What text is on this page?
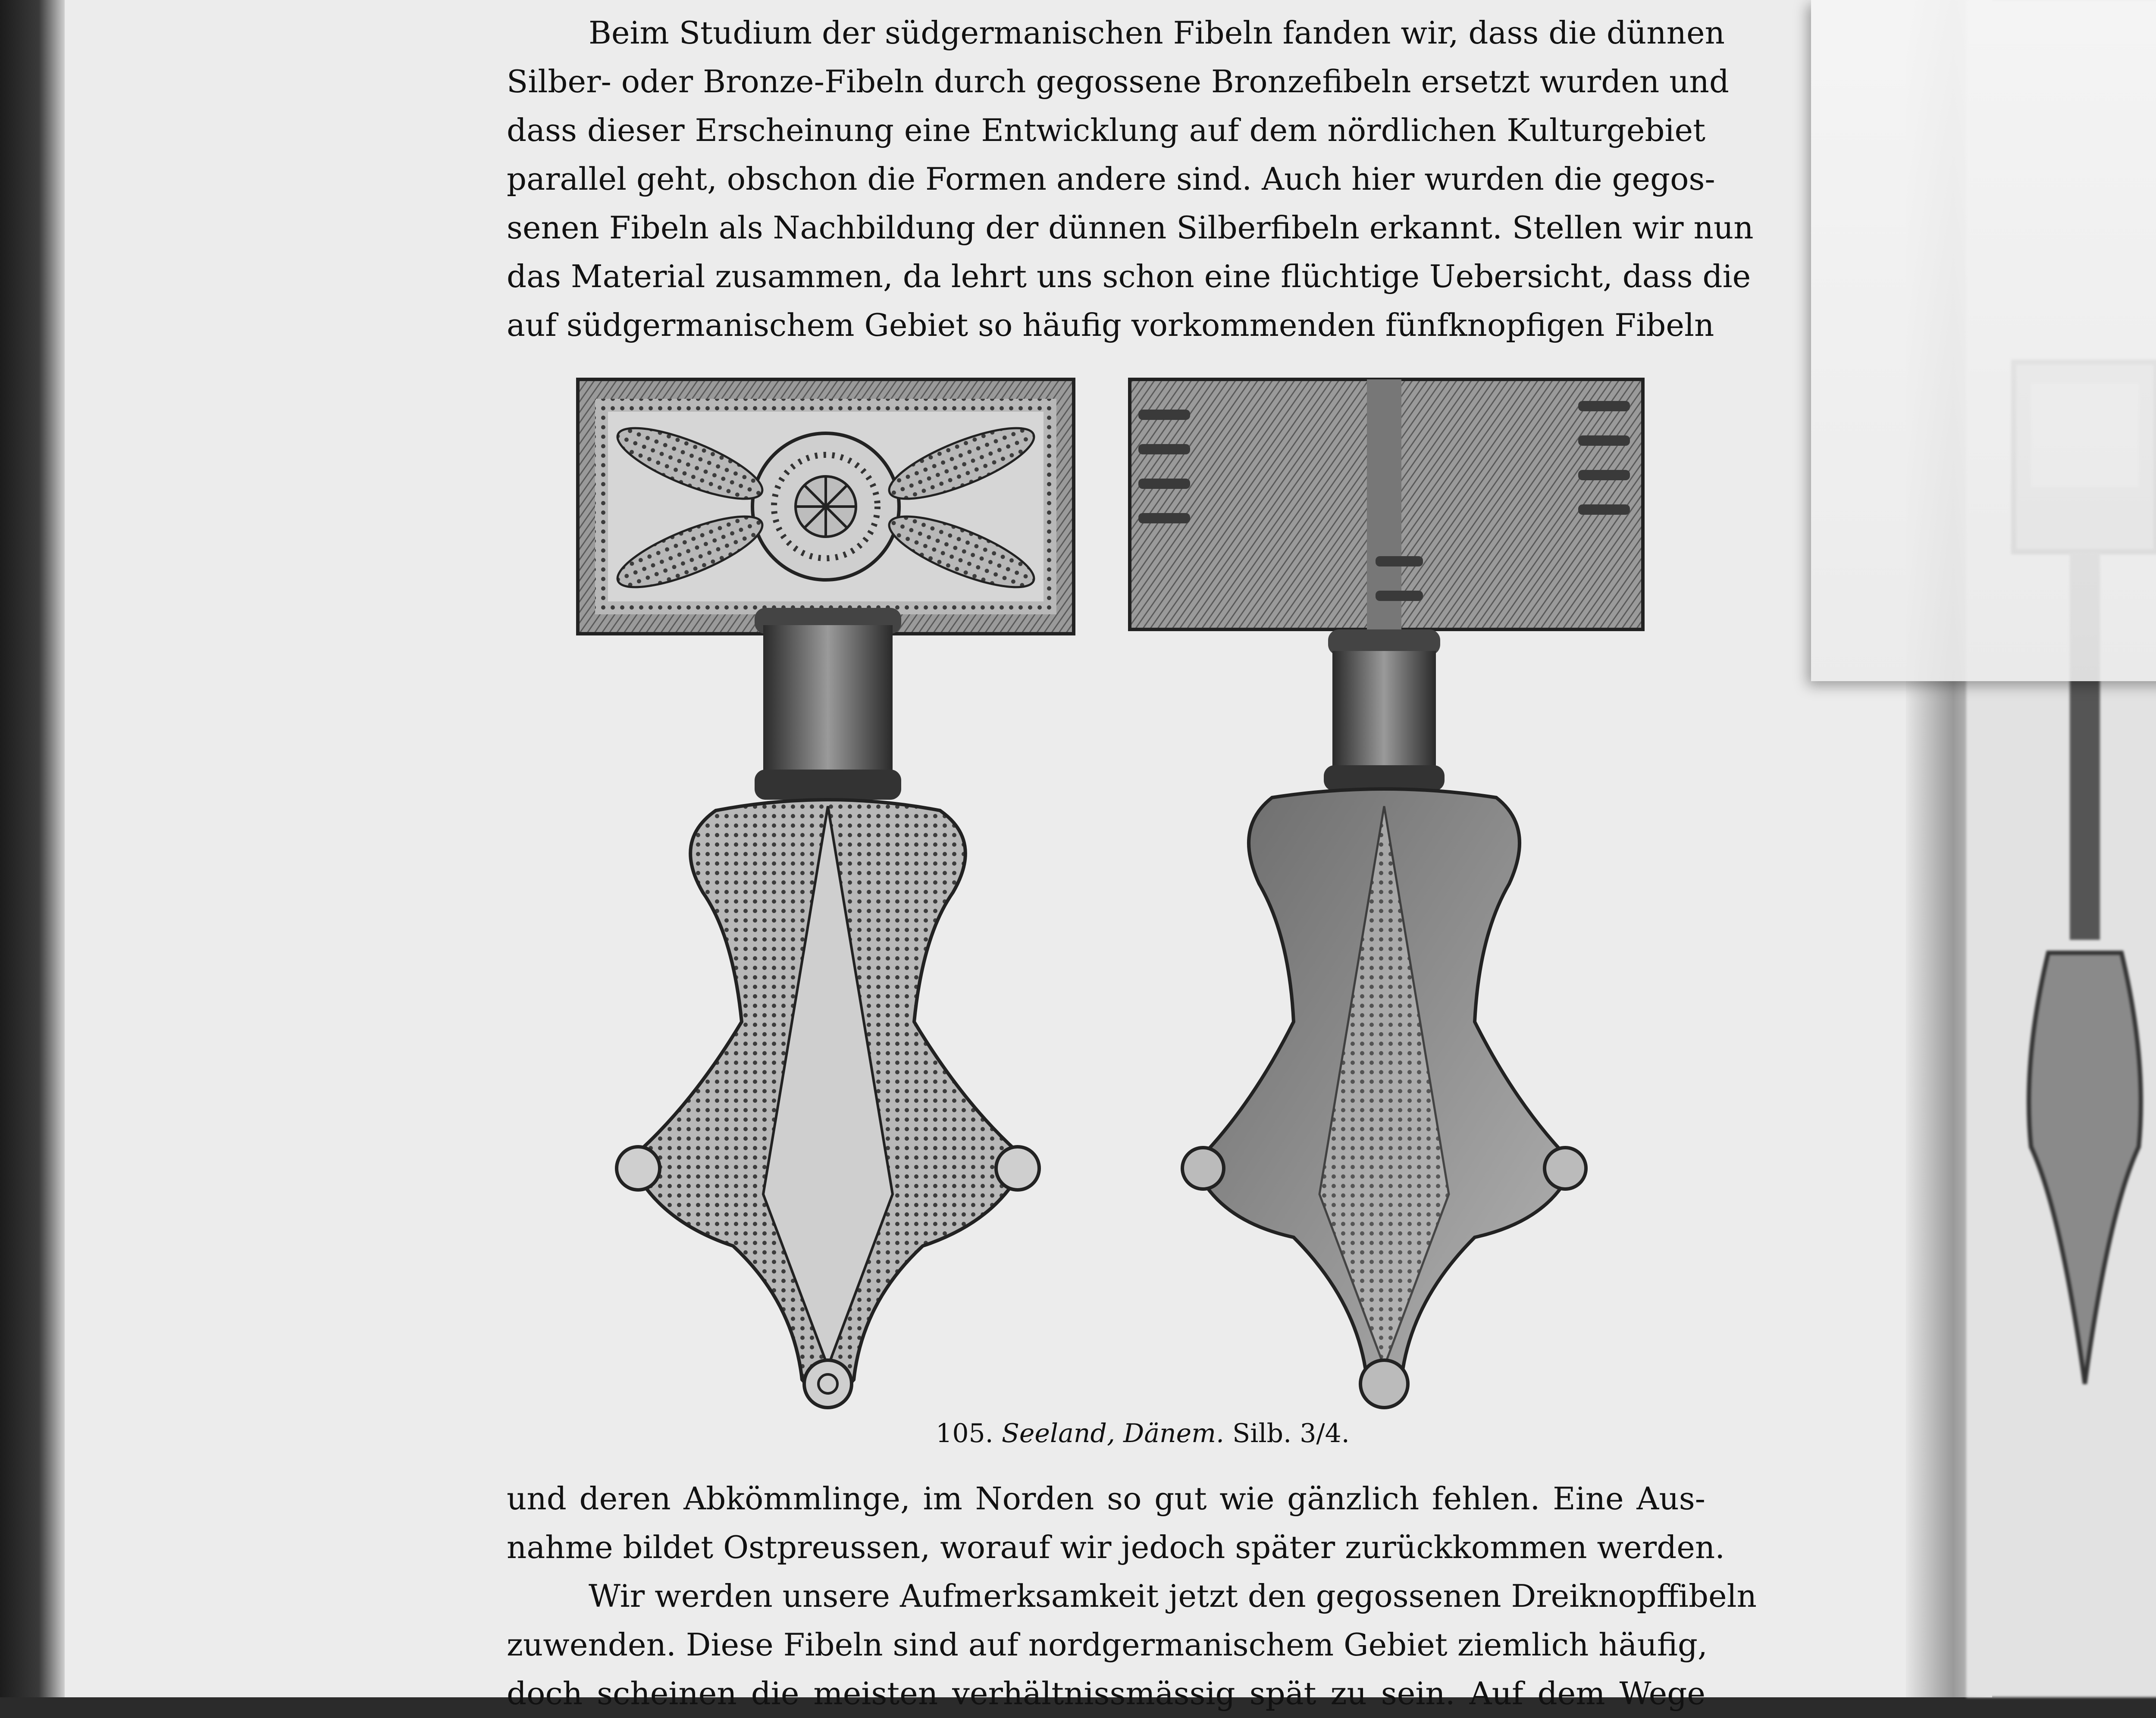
Beim Studium der südgermanischen Fibeln fanden wir, dass die dünnen
Silber- oder Bronze-Fibeln durch gegossene Bronzefibeln ersetzt wurden und
dass dieser Erscheinung eine Entwicklung auf dem nördlichen Kulturgebiet
parallel geht, obschon die Formen andere sind. Auch hier wurden die gegos-
senen Fibeln als Nachbildung der dünnen Silberfibeln erkannt. Stellen wir nun
das Material zusammen, da lehrt uns schon eine flüchtige Uebersicht, dass die
auf südgermanischem Gebiet so häufig vorkommenden fünfknopfigen Fibeln
105. Seeland, Dänem. Silb. 3/4.
und deren Abkömmlinge, im Norden so gut wie gänzlich fehlen. Eine Aus-
nahme bildet Ostpreussen, worauf wir jedoch später zurückkommen werden.
Wir werden unsere Aufmerksamkeit jetzt den gegossenen Dreiknopffibeln
zuwenden. Diese Fibeln sind auf nordgermanischem Gebiet ziemlich häufig,
doch scheinen die meisten verhältnissmässig spät zu sein. Auf dem Wege
